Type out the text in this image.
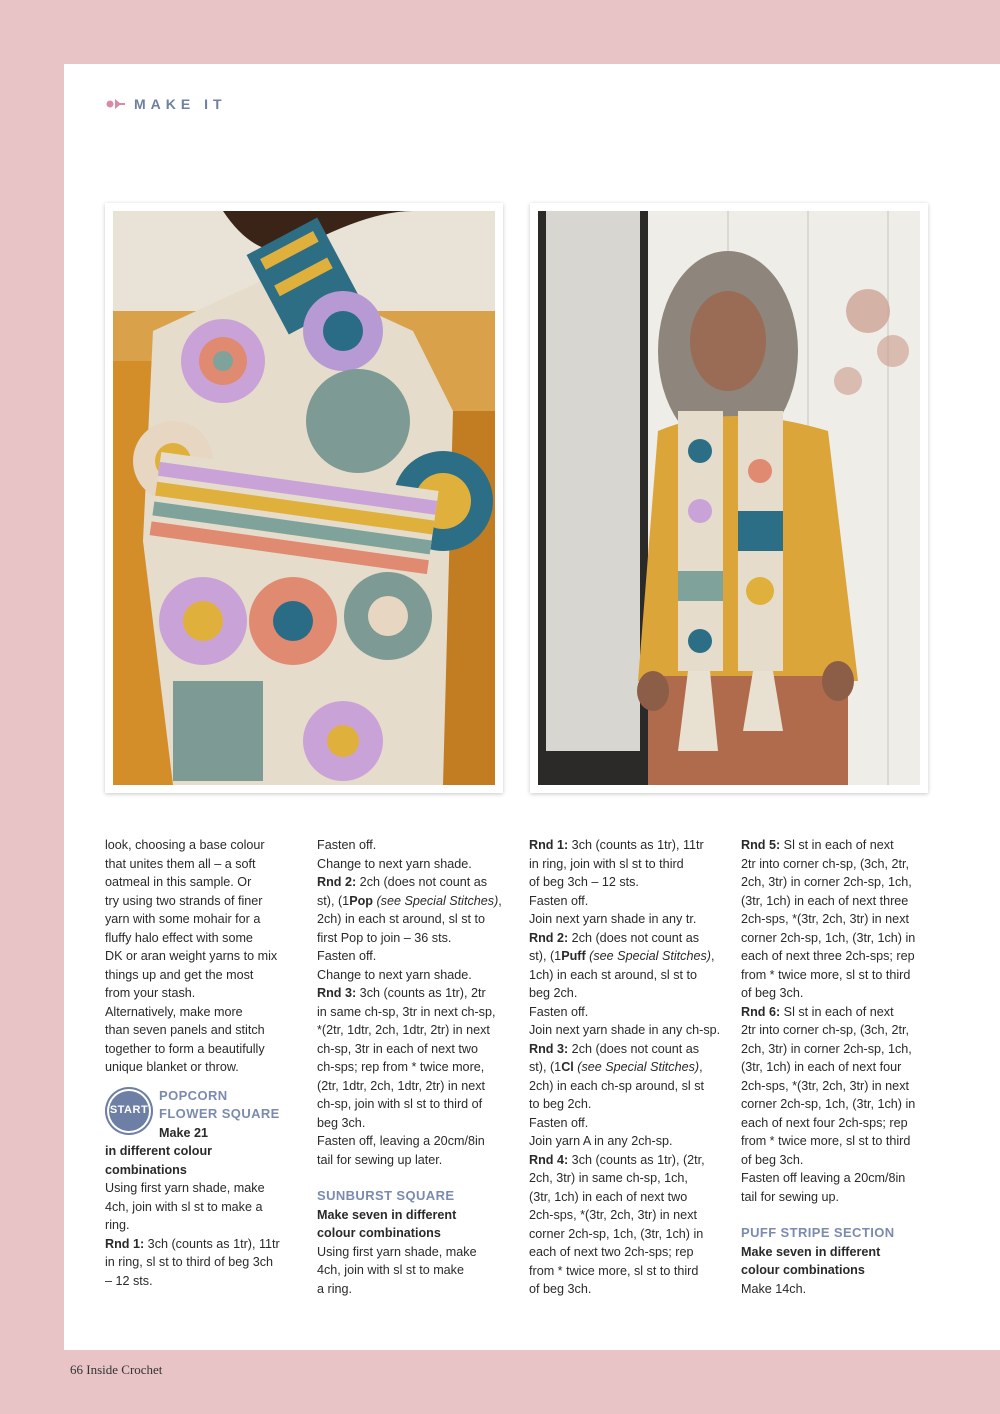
MAKE IT

look, choosing a base colour

that unites them all – a soft

oatmeal in this sample. Or

try using two strands of finer

yarn with some mohair for a

fluffy halo effect with some

DK or aran weight yarns to mix

things up and get the most

from your stash.

Alternatively, make more

than seven panels and stitch

together to form a beautifully

unique blanket or throw.

START

POPCORN

FLOWER SQUARE

Make 21

in different colour

combinations

Using first yarn shade, make

4ch, join with sl st to make a

ring.

Rnd 1: 3ch (counts as 1tr), 11tr

in ring, sl st to third of beg 3ch

– 12 sts.

Fasten off.

Change to next yarn shade.

Rnd 2: 2ch (does not count as

st), (1Pop (see Special Stitches),

2ch) in each st around, sl st to

first Pop to join – 36 sts.

Fasten off.

Change to next yarn shade.

Rnd 3: 3ch (counts as 1tr), 2tr

in same ch-sp, 3tr in next ch-sp,

*(2tr, 1dtr, 2ch, 1dtr, 2tr) in next

ch-sp, 3tr in each of next two

ch-sps; rep from * twice more,

(2tr, 1dtr, 2ch, 1dtr, 2tr) in next

ch-sp, join with sl st to third of

beg 3ch.

Fasten off, leaving a 20cm/8in

tail for sewing up later.

SUNBURST SQUARE

Make seven in different

colour combinations

Using first yarn shade, make

4ch, join with sl st to make

a ring.

Rnd 1: 3ch (counts as 1tr), 11tr

in ring, join with sl st to third

of beg 3ch – 12 sts.

Fasten off.

Join next yarn shade in any tr.

Rnd 2: 2ch (does not count as

st), (1Puff (see Special Stitches),

1ch) in each st around, sl st to

beg 2ch.

Fasten off.

Join next yarn shade in any ch-sp.

Rnd 3: 2ch (does not count as

st), (1Cl (see Special Stitches),

2ch) in each ch-sp around, sl st

to beg 2ch.

Fasten off.

Join yarn A in any 2ch-sp.

Rnd 4: 3ch (counts as 1tr), (2tr,

2ch, 3tr) in same ch-sp, 1ch,

(3tr, 1ch) in each of next two

2ch-sps, *(3tr, 2ch, 3tr) in next

corner 2ch-sp, 1ch, (3tr, 1ch) in

each of next two 2ch-sps; rep

from * twice more, sl st to third

of beg 3ch.

Rnd 5: Sl st in each of next

2tr into corner ch-sp, (3ch, 2tr,

2ch, 3tr) in corner 2ch-sp, 1ch,

(3tr, 1ch) in each of next three

2ch-sps, *(3tr, 2ch, 3tr) in next

corner 2ch-sp, 1ch, (3tr, 1ch) in

each of next three 2ch-sps; rep

from * twice more, sl st to third

of beg 3ch.

Rnd 6: Sl st in each of next

2tr into corner ch-sp, (3ch, 2tr,

2ch, 3tr) in corner 2ch-sp, 1ch,

(3tr, 1ch) in each of next four

2ch-sps, *(3tr, 2ch, 3tr) in next

corner 2ch-sp, 1ch, (3tr, 1ch) in

each of next four 2ch-sps; rep

from * twice more, sl st to third

of beg 3ch.

Fasten off leaving a 20cm/8in

tail for sewing up.

PUFF STRIPE SECTION

Make seven in different

colour combinations

Make 14ch.

66 Inside Crochet
